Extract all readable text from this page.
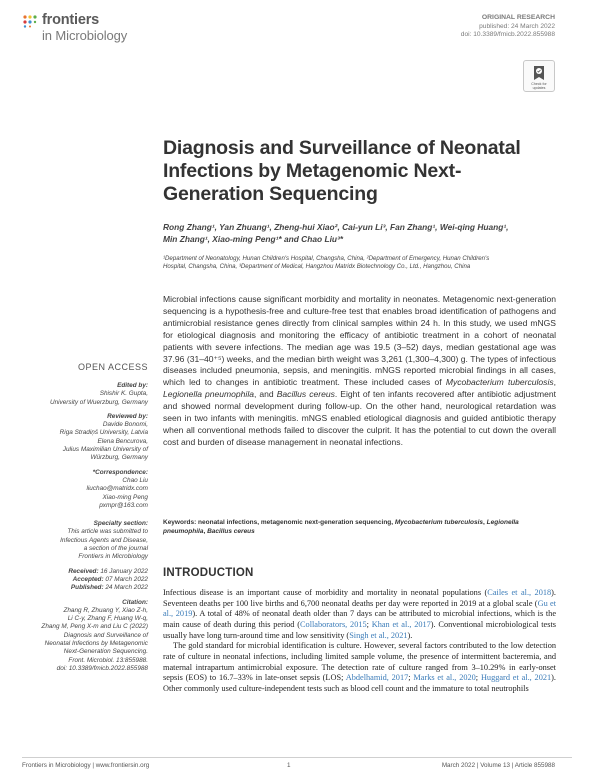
frontiers
in Microbiology
ORIGINAL RESEARCH
published: 24 March 2022
doi: 10.3389/fmicb.2022.855988
Check for
updates
Diagnosis and Surveillance of Neonatal Infections by Metagenomic Next-Generation Sequencing
Rong Zhang¹, Yan Zhuang¹, Zheng-hui Xiao², Cai-yun Li³, Fan Zhang¹, Wei-qing Huang¹,
Min Zhang¹, Xiao-ming Peng¹* and Chao Liu³*
¹Department of Neonatology, Hunan Children's Hospital, Changsha, China, ²Department of Emergency, Hunan Children's
Hospital, Changsha, China, ³Department of Medical, Hangzhou Matridx Biotechnology Co., Ltd., Hangzhou, China
Microbial infections cause significant morbidity and mortality in neonates. Metagenomic next-generation sequencing is a hypothesis-free and culture-free test that enables broad identification of pathogens and antimicrobial resistance genes directly from clinical samples within 24 h. In this study, we used mNGS for etiological diagnosis and monitoring the efficacy of antibiotic treatment in a cohort of neonatal patients with severe infections. The median age was 19.5 (3–52) days, median gestational age was 37.96 (31–40⁺⁵) weeks, and the median birth weight was 3,261 (1,300–4,300) g. The types of infectious diseases included pneumonia, sepsis, and meningitis. mNGS reported microbial findings in all cases, which led to changes in antibiotic treatment. These included cases of Mycobacterium tuberculosis, Legionella pneumophila, and Bacillus cereus. Eight of ten infants recovered after antibiotic adjustment and showed normal development during follow-up. On the other hand, neurological retardation was seen in two infants with meningitis. mNGS enabled etiological diagnosis and guided antibiotic therapy when all conventional methods failed to discover the culprit. It has the potential to cut down the overall cost and burden of disease management in neonatal infections.
Keywords: neonatal infections, metagenomic next-generation sequencing, Mycobacterium tuberculosis, Legionella pneumophila, Bacillus cereus
OPEN ACCESS
Edited by:
Shishir K. Gupta,
University of Wuerzburg, Germany
Reviewed by:
Davide Bonomi,
Riga Stradiņš University, Latvia
Elena Bencurova,
Julius Maximilian University of
Würzburg, Germany
*Correspondence:
Chao Liu
liuchao@matridx.com
Xiao-ming Peng
pxmpr@163.com
Specialty section:
This article was submitted to
Infectious Agents and Disease,
a section of the journal
Frontiers in Microbiology
Received: 16 January 2022
Accepted: 07 March 2022
Published: 24 March 2022
Citation:
Zhang R, Zhuang Y, Xiao Z-h,
Li C-y, Zhang F, Huang W-q,
Zhang M, Peng X-m and Liu C (2022)
Diagnosis and Surveillance of
Neonatal Infections by Metagenomic
Next-Generation Sequencing.
Front. Microbiol. 13:855988.
doi: 10.3389/fmicb.2022.855988
INTRODUCTION

Infectious disease is an important cause of morbidity and mortality in neonatal populations (Cailes et al., 2018). Seventeen deaths per 100 live births and 6,700 neonatal deaths per day were reported in 2019 at a global scale (Gu et al., 2019). A total of 48% of neonatal death older than 7 days can be attributed to microbial infections, which is the main cause of death during this period (Collaborators, 2015; Khan et al., 2017). Conventional microbiological tests usually have long turn-around time and low sensitivity (Singh et al., 2021).

The gold standard for microbial identification is culture. However, several factors contributed to the low detection rate of culture in neonatal infections, including limited sample volume, the presence of intermittent bacteremia, and maternal intrapartum antimicrobial exposure. The detection rate of culture ranged from 3–10.29% in early-onset sepsis (EOS) to 16.7–33% in late-onset sepsis (LOS; Abdelhamid, 2017; Marks et al., 2020; Huggard et al., 2021). Other commonly used culture-independent tests such as blood cell count and the immature to total neutrophils

Frontiers in Microbiology | www.frontiersin.org	1	March 2022 | Volume 13 | Article 855988
